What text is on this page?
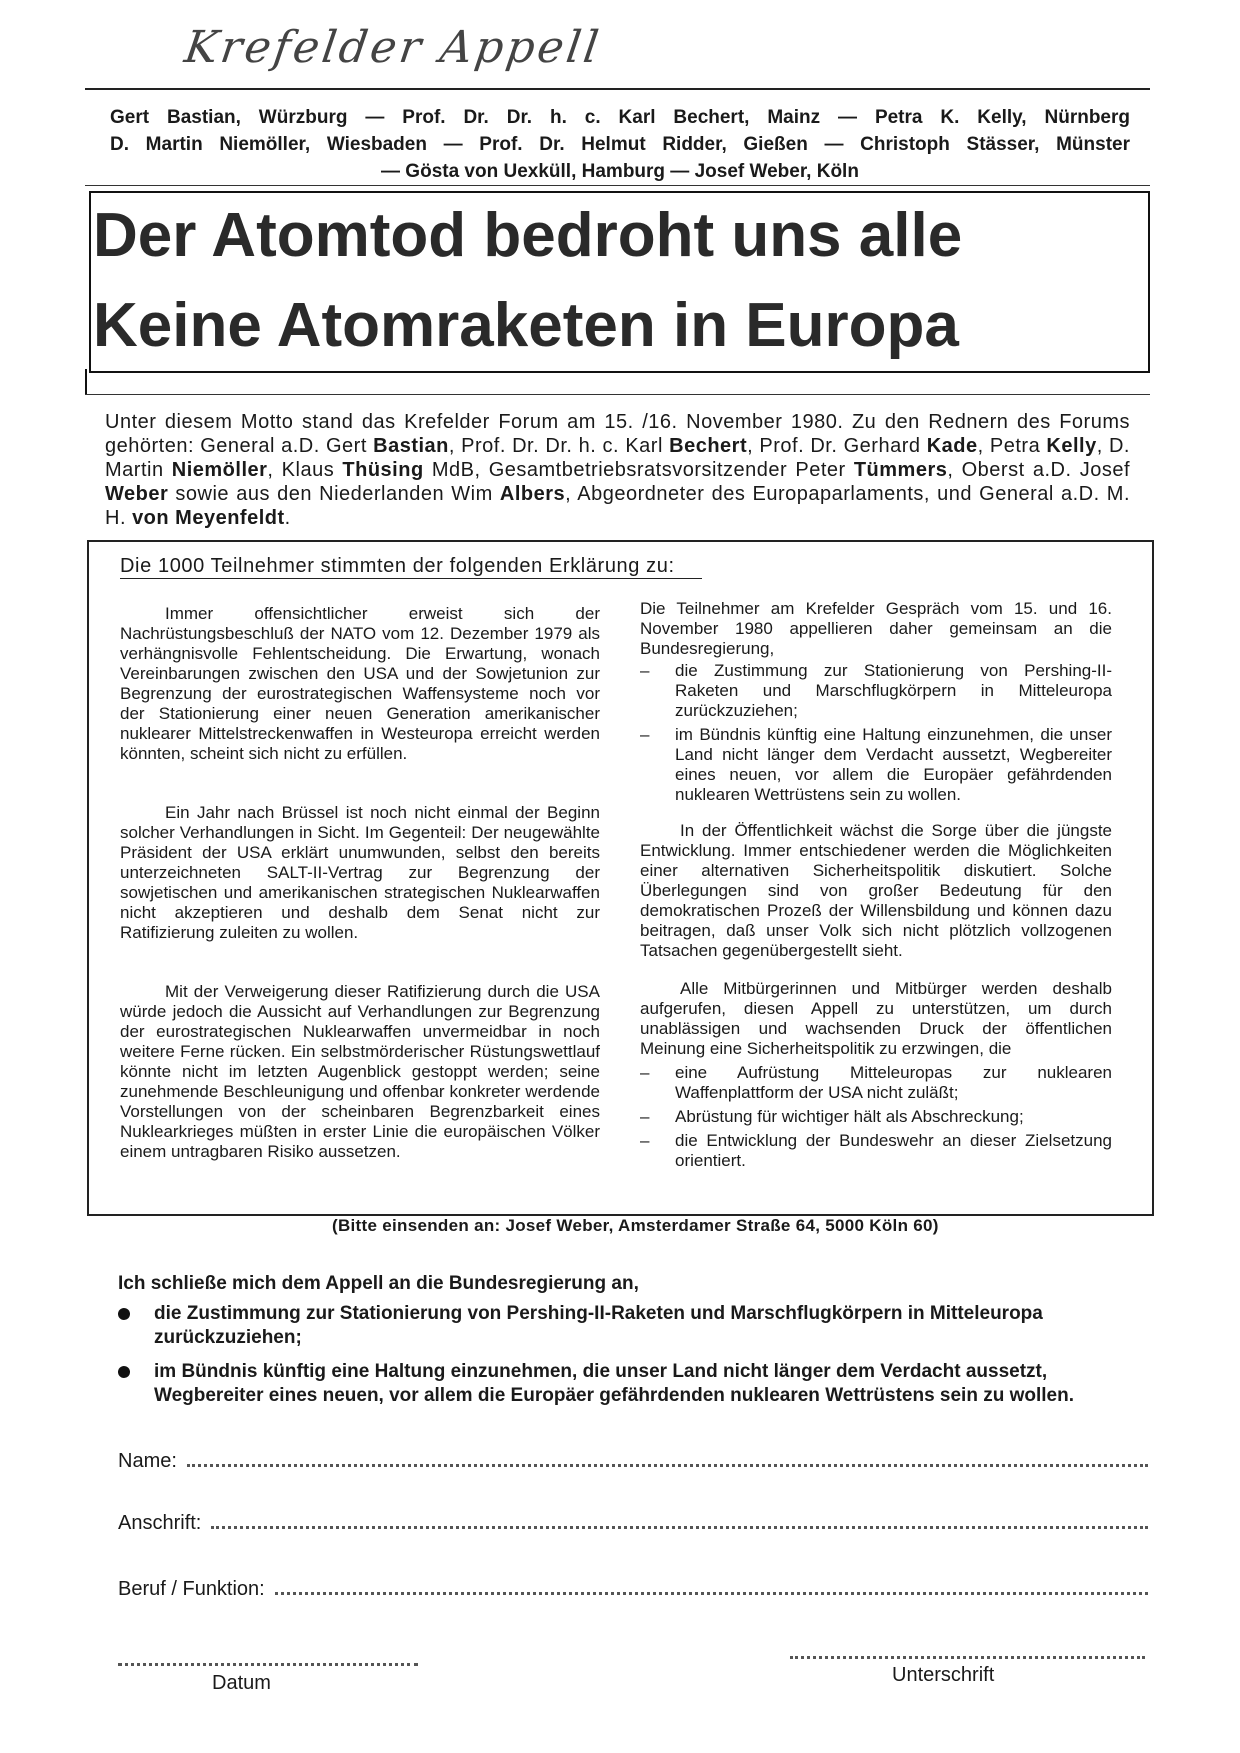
Krefelder Appell
Gert Bastian, Würzburg — Prof. Dr. Dr. h. c. Karl Bechert, Mainz — Petra K. Kelly, Nürnberg
D. Martin Niemöller, Wiesbaden — Prof. Dr. Helmut Ridder, Gießen — Christoph Stässer, Münster
— Gösta von Uexküll, Hamburg — Josef Weber, Köln
Der Atomtod bedroht uns alle
Keine Atomraketen in Europa
Unter diesem Motto stand das Krefelder Forum am 15. /16. November 1980. Zu den Rednern des Forums gehörten: General a.D. Gert Bastian, Prof. Dr. Dr. h. c. Karl Bechert, Prof. Dr. Gerhard Kade, Petra Kelly, D. Martin Niemöller, Klaus Thüsing MdB, Gesamtbetriebsratsvorsitzender Peter Tümmers, Oberst a.D. Josef Weber sowie aus den Niederlanden Wim Albers, Abgeordneter des Europaparlaments, und General a.D. M. H. von Meyenfeldt.
Die 1000 Teilnehmer stimmten der folgenden Erklärung zu:

Immer offensichtlicher erweist sich der Nachrüstungsbeschluß der NATO vom 12. Dezember 1979 als verhängnisvolle Fehlentscheidung. Die Erwartung, wonach Vereinbarungen zwischen den USA und der Sowjetunion zur Begrenzung der eurostrategischen Waffensysteme noch vor der Stationierung einer neuen Generation amerikanischer nuklearer Mittelstreckenwaffen in Westeuropa erreicht werden könnten, scheint sich nicht zu erfüllen.

Ein Jahr nach Brüssel ist noch nicht einmal der Beginn solcher Verhandlungen in Sicht. Im Gegenteil: Der neugewählte Präsident der USA erklärt unumwunden, selbst den bereits unterzeichneten SALT-II-Vertrag zur Begrenzung der sowjetischen und amerikanischen strategischen Nuklearwaffen nicht akzeptieren und deshalb dem Senat nicht zur Ratifizierung zuleiten zu wollen.

Mit der Verweigerung dieser Ratifizierung durch die USA würde jedoch die Aussicht auf Verhandlungen zur Begrenzung der eurostrategischen Nuklearwaffen unvermeidbar in noch weitere Ferne rücken. Ein selbstmörderischer Rüstungswettlauf könnte nicht im letzten Augenblick gestoppt werden; seine zunehmende Beschleunigung und offenbar konkreter werdende Vorstellungen von der scheinbaren Begrenzbarkeit eines Nuklearkrieges müßten in erster Linie die europäischen Völker einem untragbaren Risiko aussetzen.

Die Teilnehmer am Krefelder Gespräch vom 15. und 16. November 1980 appellieren daher gemeinsam an die Bundesregierung,

–	die Zustimmung zur Stationierung von Pershing-II-Raketen und Marschflugkörpern in Mitteleuropa zurückzuziehen;
–	im Bündnis künftig eine Haltung einzunehmen, die unser Land nicht länger dem Verdacht aussetzt, Wegbereiter eines neuen, vor allem die Europäer gefährdenden nuklearen Wettrüstens sein zu wollen.

In der Öffentlichkeit wächst die Sorge über die jüngste Entwicklung. Immer entschiedener werden die Möglichkeiten einer alternativen Sicherheitspolitik diskutiert. Solche Überlegungen sind von großer Bedeutung für den demokratischen Prozeß der Willensbildung und können dazu beitragen, daß unser Volk sich nicht plötzlich vollzogenen Tatsachen gegenübergestellt sieht.

Alle Mitbürgerinnen und Mitbürger werden deshalb aufgerufen, diesen Appell zu unterstützen, um durch unablässigen und wachsenden Druck der öffentlichen Meinung eine Sicherheitspolitik zu erzwingen, die

–	eine Aufrüstung Mitteleuropas zur nuklearen Waffenplattform der USA nicht zuläßt;
–	Abrüstung für wichtiger hält als Abschreckung;
–	die Entwicklung der Bundeswehr an dieser Zielsetzung orientiert.
(Bitte einsenden an: Josef Weber, Amsterdamer Straße 64, 5000 Köln 60)
Ich schließe mich dem Appell an die Bundesregierung an,
die Zustimmung zur Stationierung von Pershing-II-Raketen und Marschflugkörpern in Mitteleuropa zurückzuziehen;
im Bündnis künftig eine Haltung einzunehmen, die unser Land nicht länger dem Verdacht aussetzt, Wegbereiter eines neuen, vor allem die Europäer gefährdenden nuklearen Wettrüstens sein zu wollen.
Name:
Anschrift:
Beruf / Funktion:
Datum	Unterschrift
